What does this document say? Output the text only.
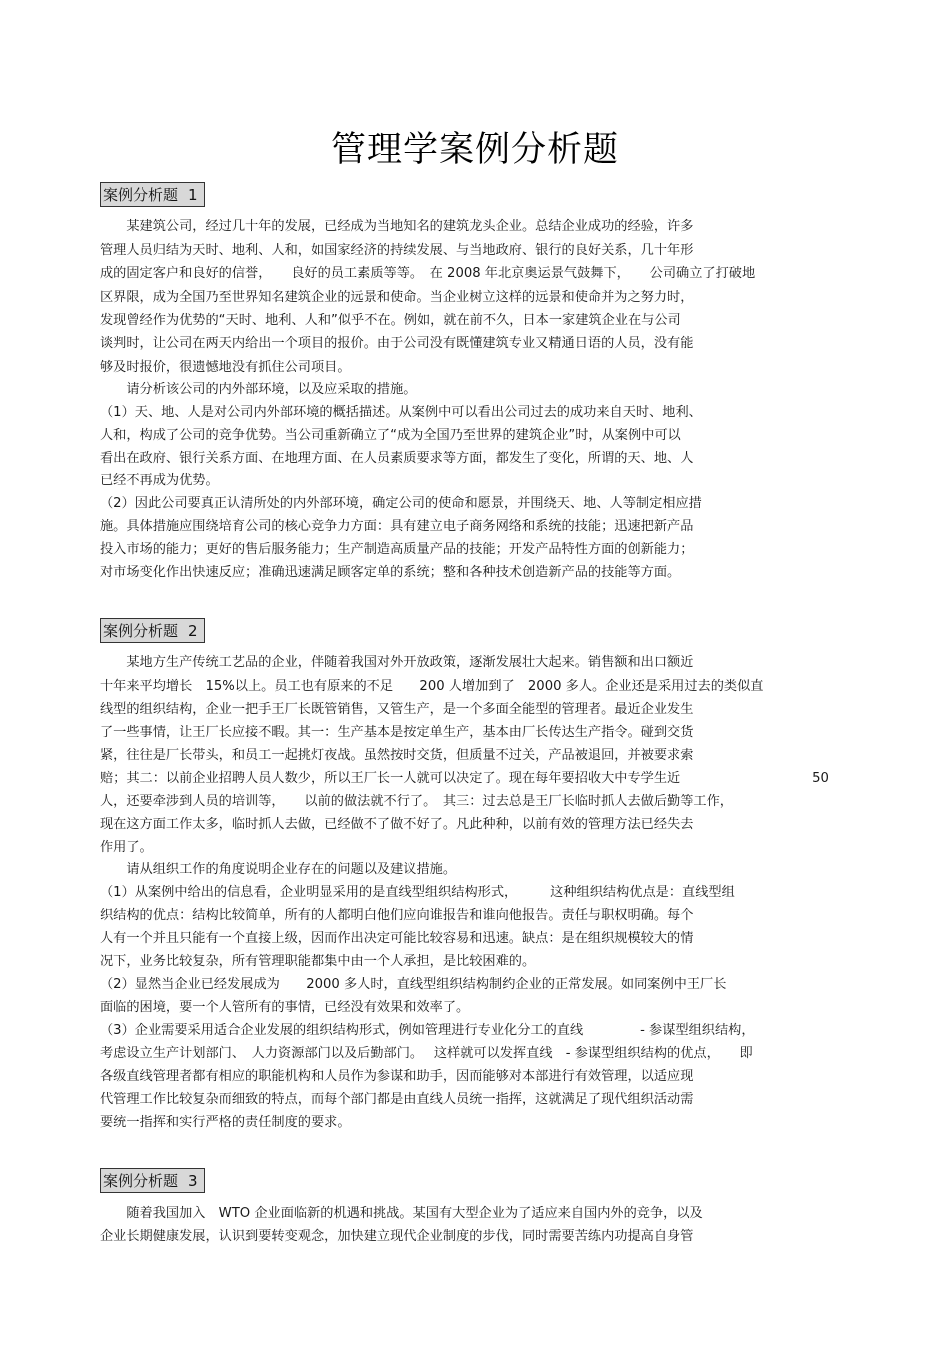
管理学案例分析题
案例分析题 1
　　某建筑公司，经过几十年的发展，已经成为当地知名的建筑龙头企业。总结企业成功的经验，许多
管理人员归结为天时、地利、人和，如国家经济的持续发展、与当地政府、银行的良好关系，几十年形
成的固定客户和良好的信誉，　　良好的员工素质等等。　在 2008 年北京奥运景气鼓舞下，　　公司确立了打破地
区界限，成为全国乃至世界知名建筑企业的远景和使命。当企业树立这样的远景和使命并为之努力时，
发现曾经作为优势的“天时、地利、人和”似乎不在。例如，就在前不久，日本一家建筑企业在与公司
谈判时，让公司在两天内给出一个项目的报价。由于公司没有既懂建筑专业又精通日语的人员，没有能
够及时报价，很遗憾地没有抓住公司项目。
　　请分析该公司的内外部环境，以及应采取的措施。
（1）天、地、人是对公司内外部环境的概括描述。从案例中可以看出公司过去的成功来自天时、地利、
人和，构成了公司的竞争优势。当公司重新确立了“成为全国乃至世界的建筑企业”时，从案例中可以
看出在政府、银行关系方面、在地理方面、在人员素质要求等方面，都发生了变化，所谓的天、地、人
已经不再成为优势。
（2）因此公司要真正认清所处的内外部环境，确定公司的使命和愿景，并围绕天、地、人等制定相应措
施。具体措施应围绕培育公司的核心竞争力方面：具有建立电子商务网络和系统的技能；迅速把新产品
投入市场的能力；更好的售后服务能力；生产制造高质量产品的技能；开发产品特性方面的创新能力；
对市场变化作出快速反应；准确迅速满足顾客定单的系统；整和各种技术创造新产品的技能等方面。
案例分析题 2
　　某地方生产传统工艺品的企业，伴随着我国对外开放政策，逐渐发展壮大起来。销售额和出口额近
十年来平均增长　15%以上。员工也有原来的不足　　200 人增加到了　2000 多人。企业还是采用过去的类似直
线型的组织结构，企业一把手王厂长既管销售，又管生产，是一个多面全能型的管理者。最近企业发生
了一些事情，让王厂长应接不暇。其一：生产基本是按定单生产，基本由厂长传达生产指令。碰到交货
紧，往往是厂长带头，和员工一起挑灯夜战。虽然按时交货，但质量不过关，产品被退回，并被要求索
赔；其二：以前企业招聘人员人数少，所以王厂长一人就可以决定了。现在每年要招收大中专学生近　　　　　　　　　　50
人，还要牵涉到人员的培训等，　　以前的做法就不行了。　其三：过去总是王厂长临时抓人去做后勤等工作，
现在这方面工作太多，临时抓人去做，已经做不了做不好了。凡此种种，以前有效的管理方法已经失去
作用了。
　　请从组织工作的角度说明企业存在的问题以及建议措施。
（1）从案例中给出的信息看，企业明显采用的是直线型组织结构形式，　　　这种组织结构优点是：直线型组
织结构的优点：结构比较简单，所有的人都明白他们应向谁报告和谁向他报告。责任与职权明确。每个
人有一个并且只能有一个直接上级，因而作出决定可能比较容易和迅速。缺点：是在组织规模较大的情
况下，业务比较复杂，所有管理职能都集中由一个人承担，是比较困难的。
（2）显然当企业已经发展成为　　2000 多人时，直线型组织结构制约企业的正常发展。如同案例中王厂长
面临的困境，要一个人管所有的事情，已经没有效果和效率了。
（3）企业需要采用适合企业发展的组织结构形式，例如管理进行专业化分工的直线　　　　 - 参谋型组织结构，
考虑设立生产计划部门、　人力资源部门以及后勤部门。　 这样就可以发挥直线　- 参谋型组织结构的优点，　　即
各级直线管理者都有相应的职能机构和人员作为参谋和助手，因而能够对本部进行有效管理，以适应现
代管理工作比较复杂而细致的特点，而每个部门都是由直线人员统一指挥，这就满足了现代组织活动需
要统一指挥和实行严格的责任制度的要求。
案例分析题 3
　　随着我国加入　WTO 企业面临新的机遇和挑战。某国有大型企业为了适应来自国内外的竞争，以及
企业长期健康发展，认识到要转变观念，加快建立现代企业制度的步伐，同时需要苦练内功提高自身管
